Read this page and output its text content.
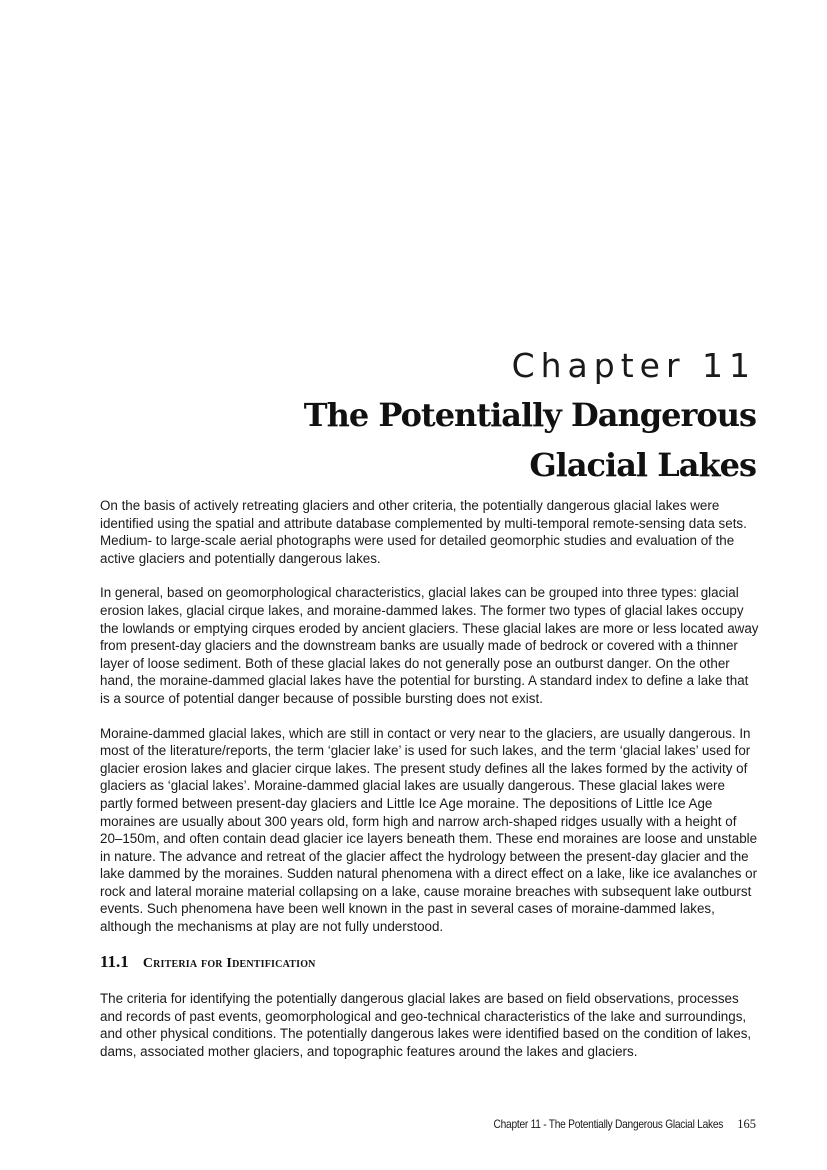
Chapter 11
The Potentially Dangerous
Glacial Lakes

On the basis of actively retreating glaciers and other criteria, the potentially dangerous glacial lakes were identified using the spatial and attribute database complemented by multi-temporal remote-sensing data sets. Medium- to large-scale aerial photographs were used for detailed geomorphic studies and evaluation of the active glaciers and potentially dangerous lakes.

In general, based on geomorphological characteristics, glacial lakes can be grouped into three types: glacial erosion lakes, glacial cirque lakes, and moraine-dammed lakes. The former two types of glacial lakes occupy the lowlands or emptying cirques eroded by ancient glaciers. These glacial lakes are more or less located away from present-day glaciers and the downstream banks are usually made of bedrock or covered with a thinner layer of loose sediment. Both of these glacial lakes do not generally pose an outburst danger. On the other hand, the moraine-dammed glacial lakes have the potential for bursting. A standard index to define a lake that is a source of potential danger because of possible bursting does not exist.

Moraine-dammed glacial lakes, which are still in contact or very near to the glaciers, are usually dangerous. In most of the literature/reports, the term ‘glacier lake’ is used for such lakes, and the term ‘glacial lakes’ used for glacier erosion lakes and glacier cirque lakes. The present study defines all the lakes formed by the activity of glaciers as ‘glacial lakes’. Moraine-dammed glacial lakes are usually dangerous. These glacial lakes were partly formed between present-day glaciers and Little Ice Age moraine. The depositions of Little Ice Age moraines are usually about 300 years old, form high and narrow arch-shaped ridges usually with a height of 20–150m, and often contain dead glacier ice layers beneath them. These end moraines are loose and unstable in nature. The advance and retreat of the glacier affect the hydrology between the present-day glacier and the lake dammed by the moraines. Sudden natural phenomena with a direct effect on a lake, like ice avalanches or rock and lateral moraine material collapsing on a lake, cause moraine breaches with subsequent lake outburst events. Such phenomena have been well known in the past in several cases of moraine-dammed lakes, although the mechanisms at play are not fully understood.

11.1 Criteria for Identification

The criteria for identifying the potentially dangerous glacial lakes are based on field observations, processes and records of past events, geomorphological and geo-technical characteristics of the lake and surroundings, and other physical conditions. The potentially dangerous lakes were identified based on the condition of lakes, dams, associated mother glaciers, and topographic features around the lakes and glaciers.

Chapter 11 - The Potentially Dangerous Glacial Lakes 165
